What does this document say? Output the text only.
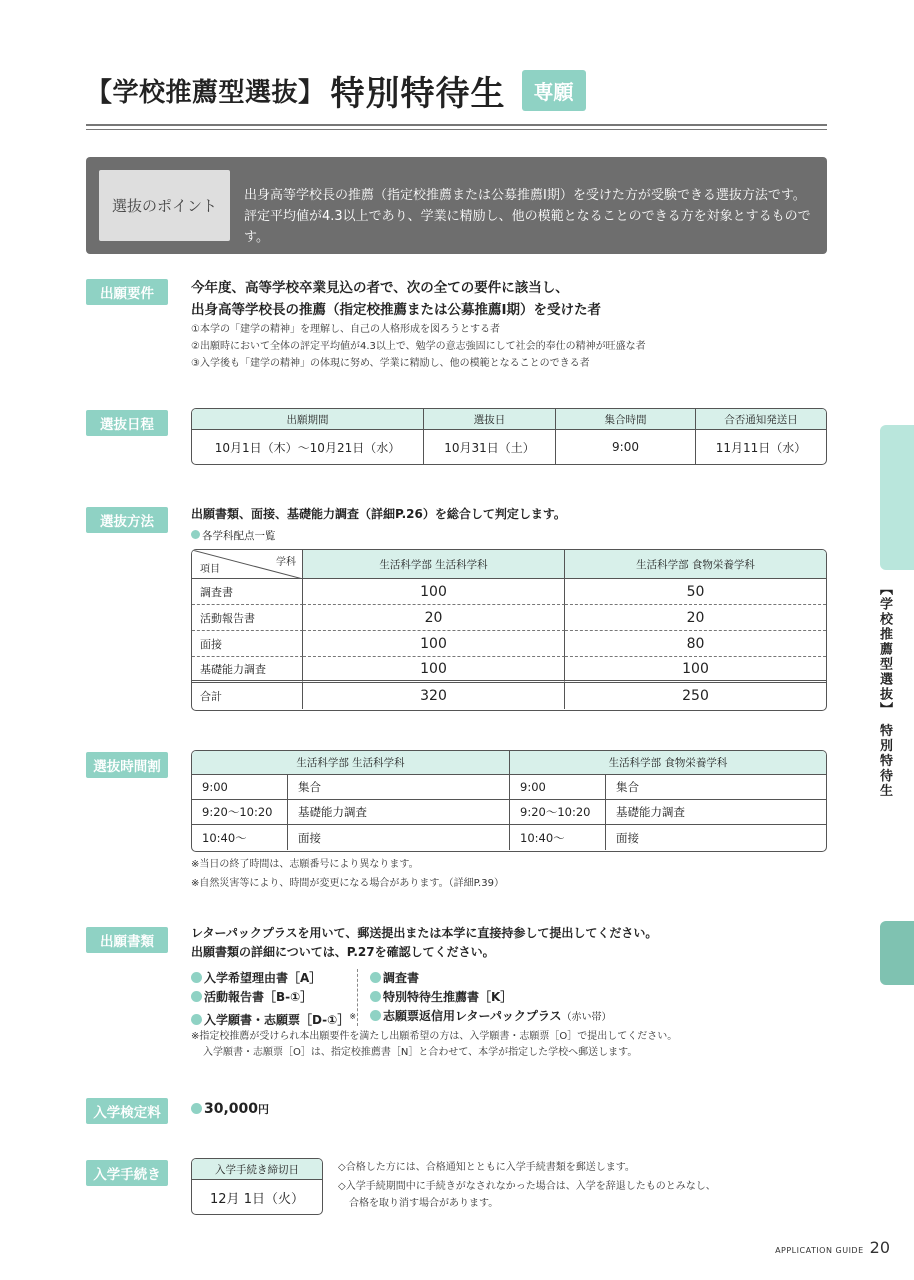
【学校推薦型選抜】 特別特待生	専願
選抜のポイント
出身高等学校長の推薦（指定校推薦または公募推薦Ⅰ期）を受けた方が受験できる選抜方法です。
評定平均値が4.3以上であり、学業に精励し、他の模範となることのできる方を対象とするものです。
出願要件	今年度、高等学校卒業見込の者で、次の全ての要件に該当し、
出身高等学校長の推薦（指定校推薦または公募推薦Ⅰ期）を受けた者
①本学の「建学の精神」を理解し、自己の人格形成を図ろうとする者
②出願時において全体の評定平均値が4.3以上で、勉学の意志強固にして社会的奉仕の精神が旺盛な者
③入学後も「建学の精神」の体現に努め、学業に精励し、他の模範となることのできる者
選抜日程	出願期間	選抜日	集合時間	合否通知発送日
10月1日（木）～10月21日（水）	10月31日（土）	9:00	11月11日（水）
選抜方法	出願書類、面接、基礎能力調査（詳細P.26）を総合して判定します。
各学科配点一覧
学科
項目	生活科学部 生活科学科	生活科学部 食物栄養学科
調査書	100	50
活動報告書	20	20
面接	100	80
基礎能力調査	100	100
合計	320	250
選抜時間割	生活科学部 生活科学科		生活科学部 食物栄養学科	
9:00	集合	9:00	集合
9:20～10:20	基礎能力調査	9:20～10:20	基礎能力調査
10:40～	面接	10:40～	面接
※当日の終了時間は、志願番号により異なります。
※自然災害等により、時間が変更になる場合があります。（詳細P.39）
出願書類
レターパックプラスを用いて、郵送提出または本学に直接持参して提出してください。
出願書類の詳細については、P.27を確認してください。
入学希望理由書［A］
活動報告書［B-①］
入学願書・志願票［D-①］※
調査書
特別特待生推薦書［K］
志願票返信用レターパックプラス（赤い帯）
※指定校推薦が受けられ本出願要件を満たし出願希望の方は、入学願書・志願票［O］で提出してください。
入学願書・志願票［O］は、指定校推薦書［N］と合わせて、本学が指定した学校へ郵送します。
入学検定料	30,000円
入学手続き	入学手続き締切日
12月 1日（火）
◇合格した方には、合格通知とともに入学手続書類を郵送します。
◇入学手続期間中に手続きがなされなかった場合は、入学を辞退したものとみなし、
合格を取り消す場合があります。
【学校推薦型選抜】 特別特待生
APPLICATION GUIDE 20
